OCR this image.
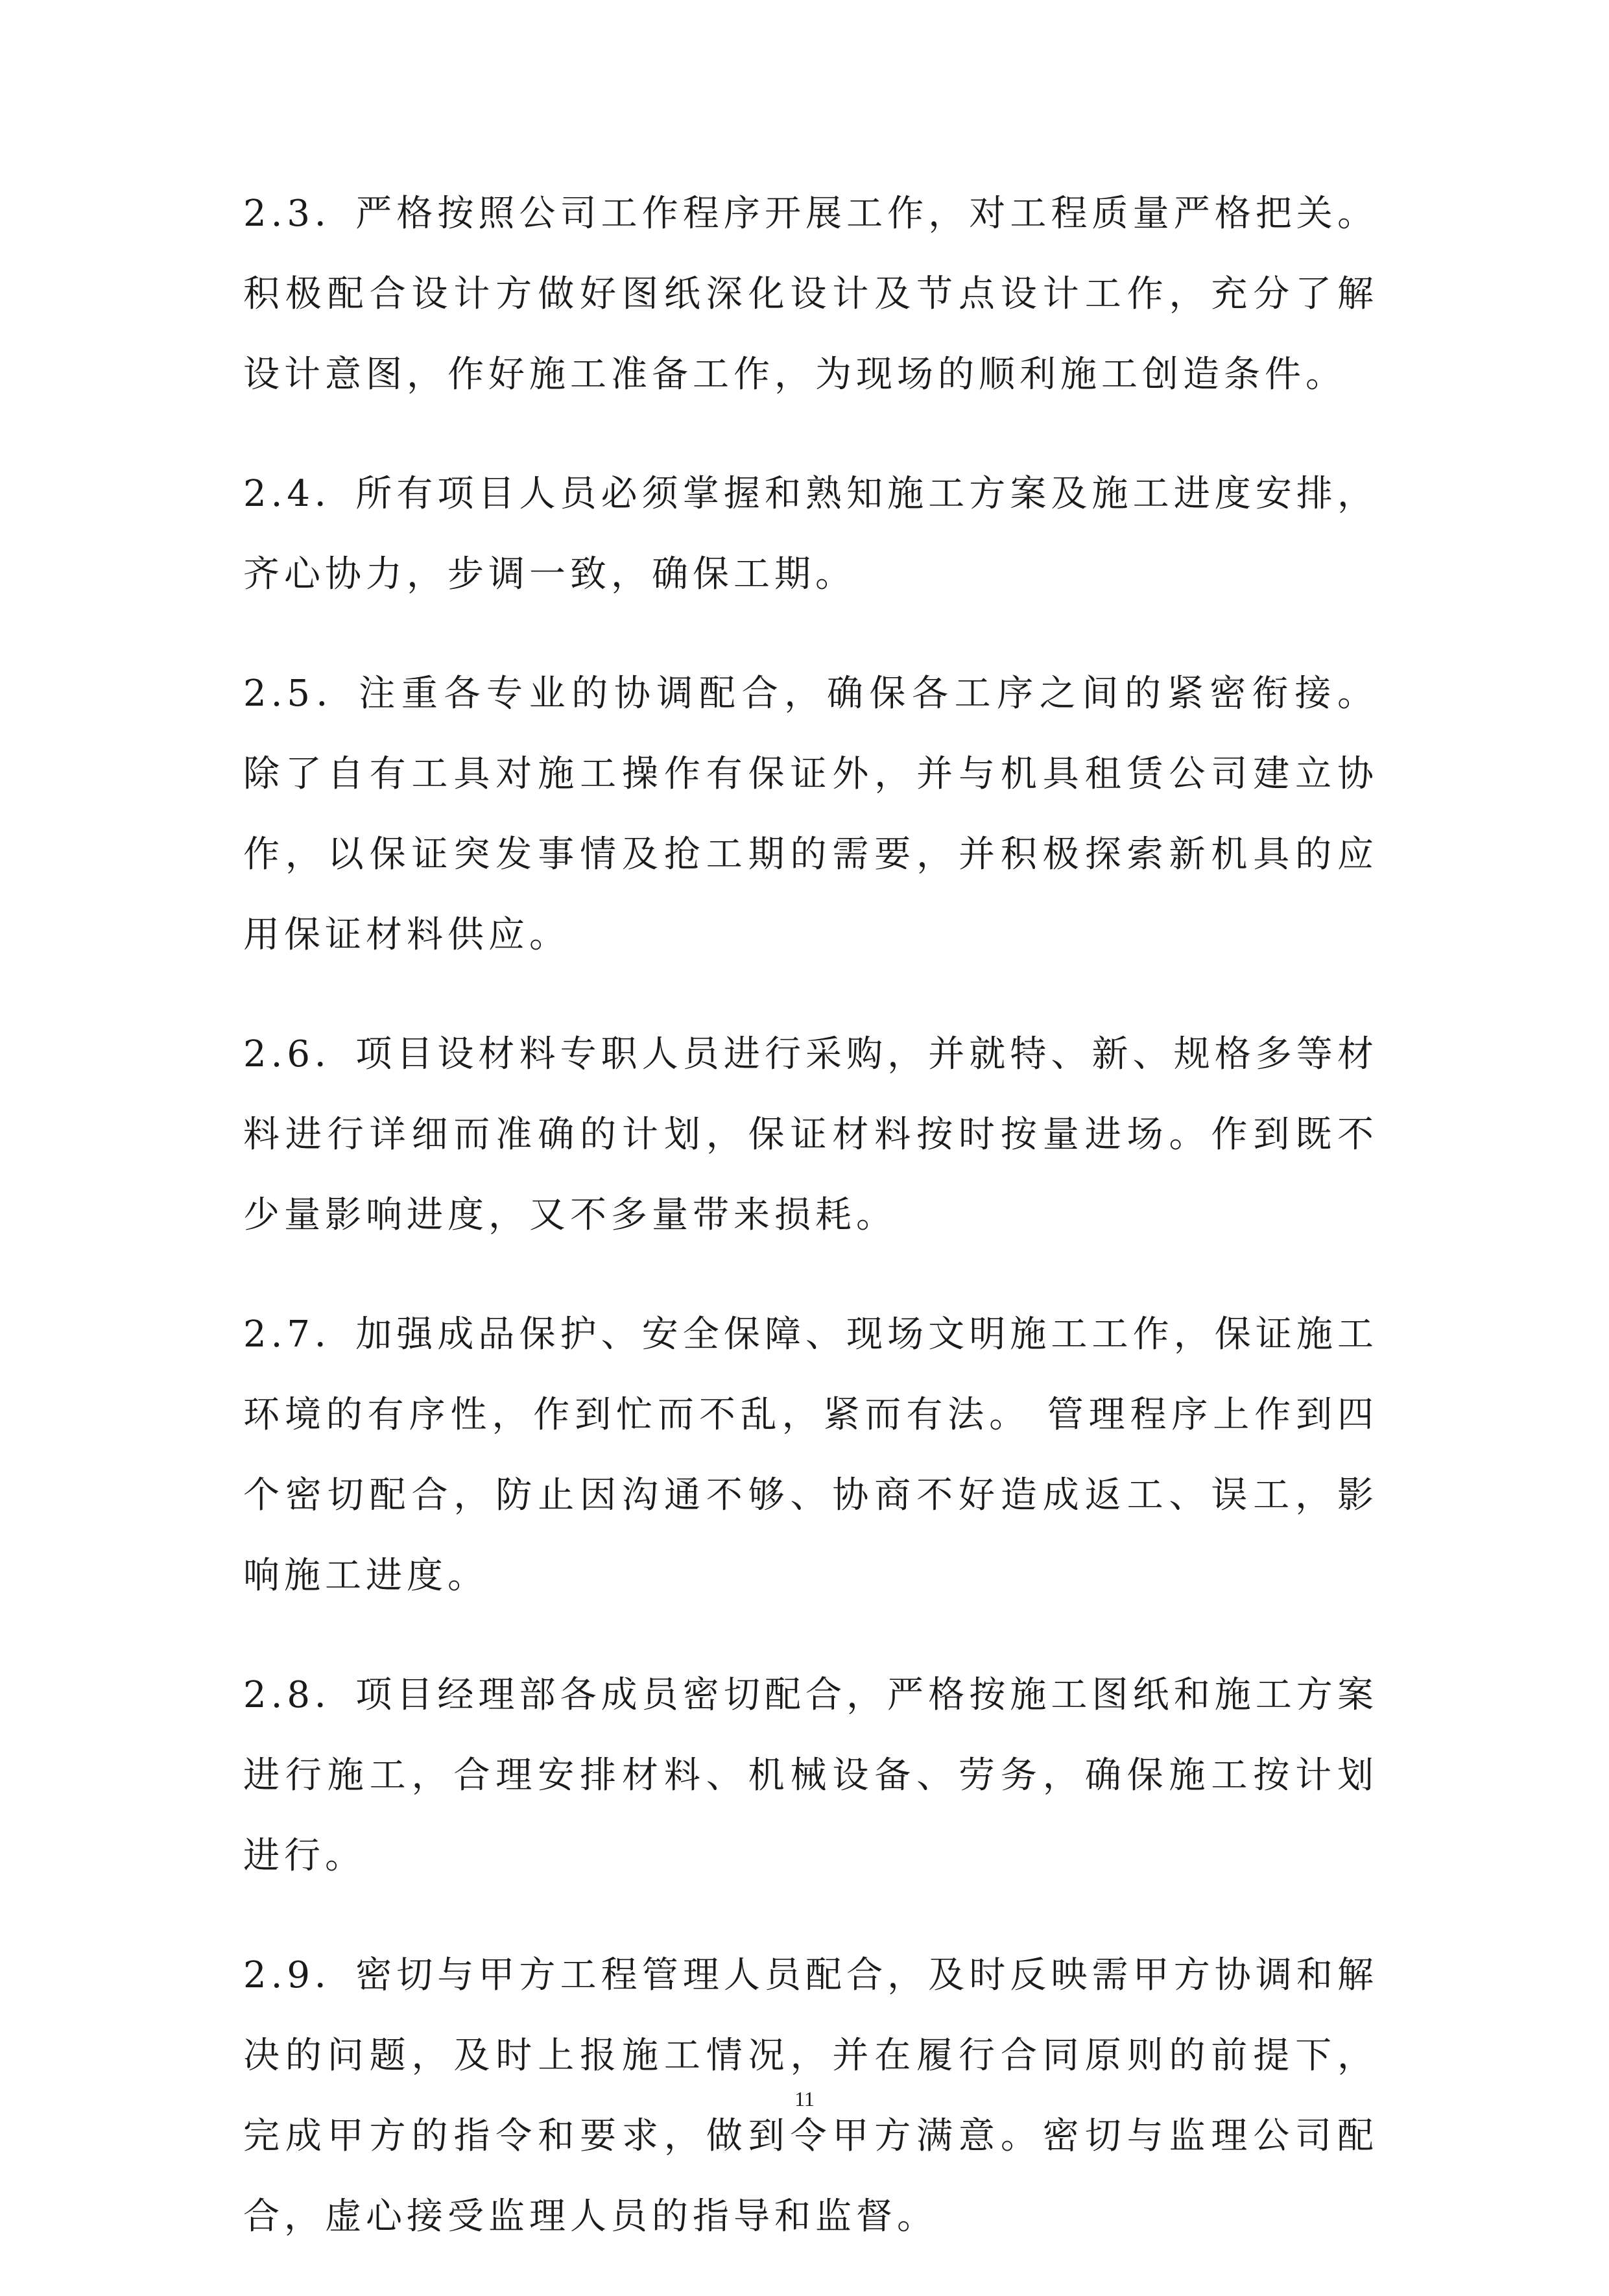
2.3．严格按照公司工作程序开展工作，对工程质量严格把关。积极配合设计方做好图纸深化设计及节点设计工作，充分了解设计意图，作好施工准备工作，为现场的顺利施工创造条件。

2.4．所有项目人员必须掌握和熟知施工方案及施工进度安排，齐心协力，步调一致，确保工期。

2.5．注重各专业的协调配合，确保各工序之间的紧密衔接。 除了自有工具对施工操作有保证外，并与机具租赁公司建立协作，以保证突发事情及抢工期的需要，并积极探索新机具的应用保证材料供应。

2.6．项目设材料专职人员进行采购，并就特、新、规格多等材料进行详细而准确的计划，保证材料按时按量进场。作到既不少量影响进度，又不多量带来损耗。

2.7．加强成品保护、安全保障、现场文明施工工作，保证施工环境的有序性，作到忙而不乱，紧而有法。 管理程序上作到四个密切配合，防止因沟通不够、协商不好造成返工、误工，影响施工进度。

2.8．项目经理部各成员密切配合，严格按施工图纸和施工方案进行施工，合理安排材料、机械设备、劳务，确保施工按计划进行。

2.9．密切与甲方工程管理人员配合，及时反映需甲方协调和解决的问题，及时上报施工情况，并在履行合同原则的前提下，完成甲方的指令和要求，做到令甲方满意。密切与监理公司配合，虚心接受监理人员的指导和监督。

11
